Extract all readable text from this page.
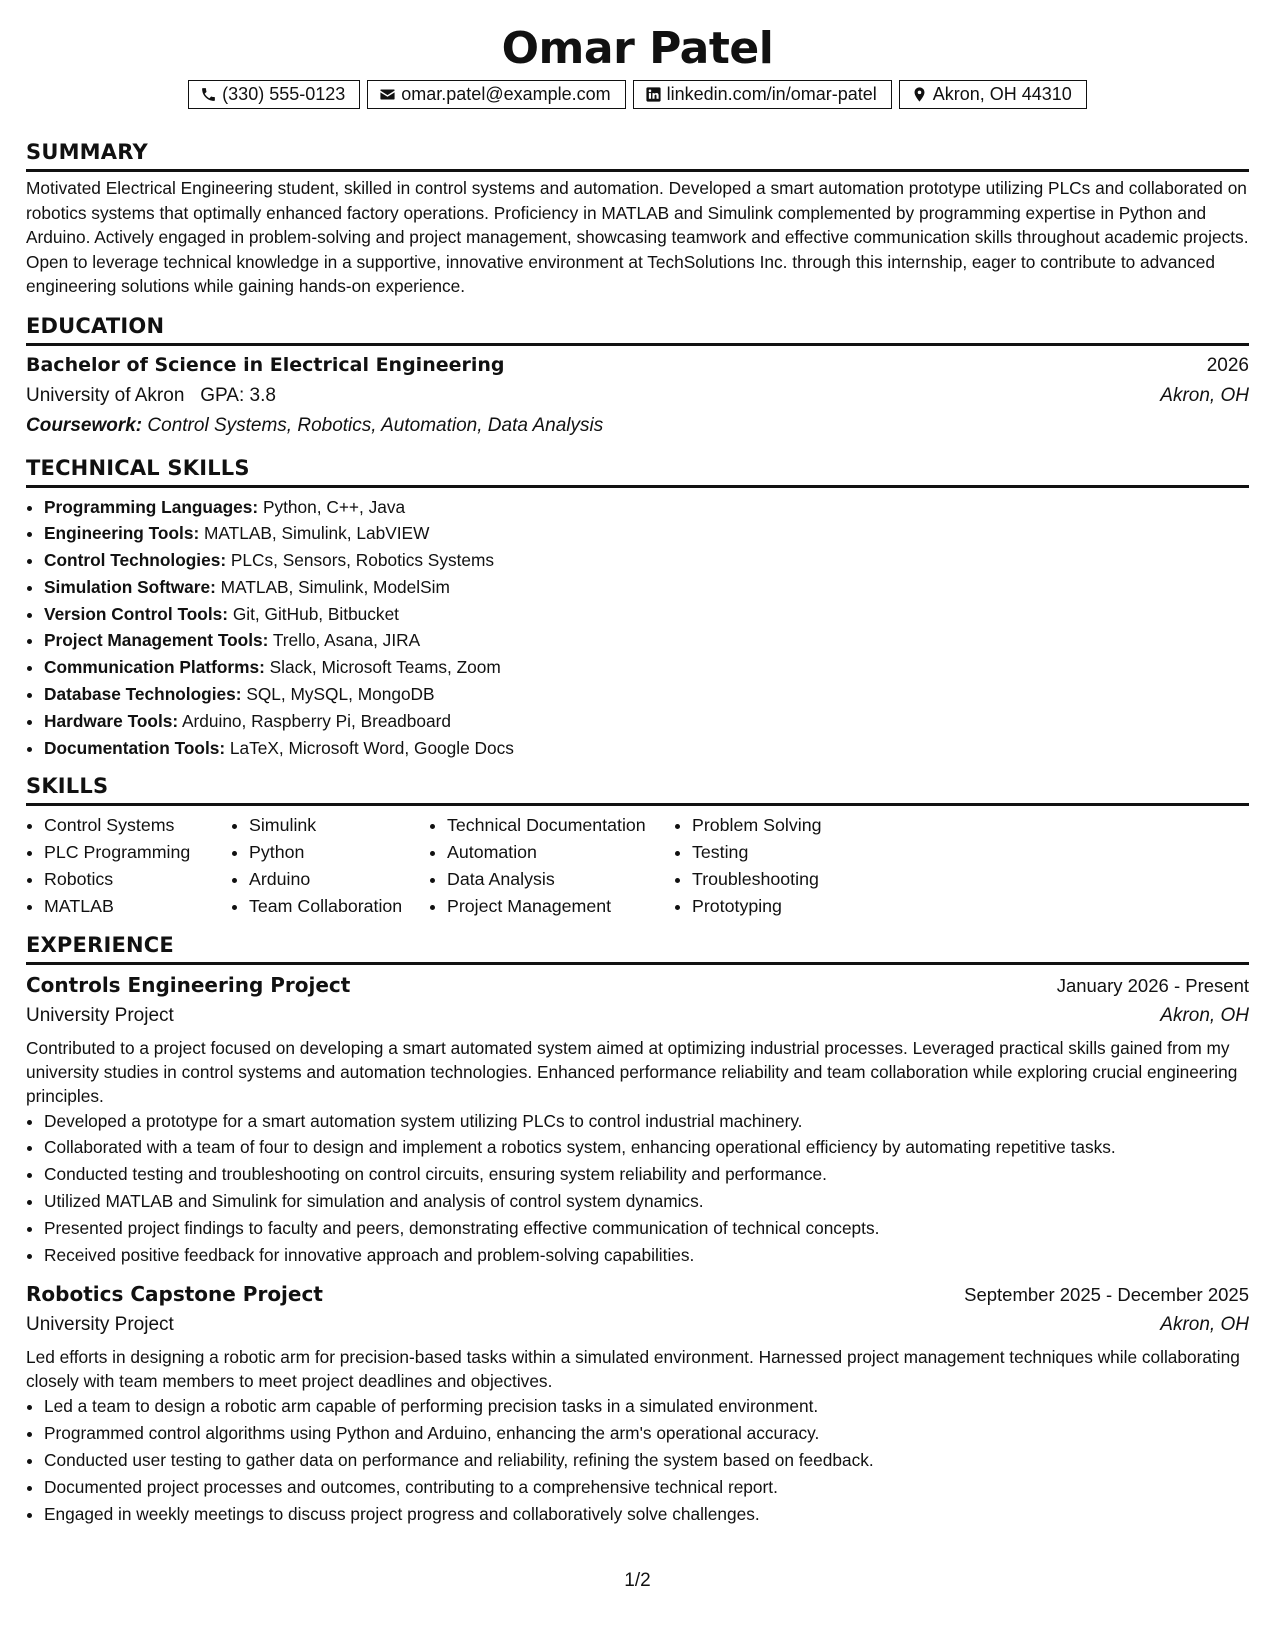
Omar Patel
(330) 555-0123	omar.patel@example.com	linkedin.com/in/omar-patel	Akron, OH 44310
SUMMARY

Motivated Electrical Engineering student, skilled in control systems and automation. Developed a smart automation prototype utilizing PLCs and collaborated on robotics systems that optimally enhanced factory operations. Proficiency in MATLAB and Simulink complemented by programming expertise in Python and Arduino. Actively engaged in problem-solving and project management, showcasing teamwork and effective communication skills throughout academic projects. Open to leverage technical knowledge in a supportive, innovative environment at TechSolutions Inc. through this internship, eager to contribute to advanced engineering solutions while gaining hands-on experience.

EDUCATION
Bachelor of Science in Electrical Engineering	2026
University of Akron GPA: 3.8	Akron, OH
Coursework: Control Systems, Robotics, Automation, Data Analysis
TECHNICAL SKILLS
• Programming Languages: Python, C++, Java
• Engineering Tools: MATLAB, Simulink, LabVIEW
• Control Technologies: PLCs, Sensors, Robotics Systems
• Simulation Software: MATLAB, Simulink, ModelSim
• Version Control Tools: Git, GitHub, Bitbucket
• Project Management Tools: Trello, Asana, JIRA
• Communication Platforms: Slack, Microsoft Teams, Zoom
• Database Technologies: SQL, MySQL, MongoDB
• Hardware Tools: Arduino, Raspberry Pi, Breadboard
• Documentation Tools: LaTeX, Microsoft Word, Google Docs
SKILLS
• Control Systems
• PLC Programming
• Robotics
• MATLAB
• Simulink
• Python
• Arduino
• Team Collaboration
• Technical Documentation
• Automation
• Data Analysis
• Project Management
• Problem Solving
• Testing
• Troubleshooting
• Prototyping
EXPERIENCE
Controls Engineering Project	January 2026 - Present
University Project	Akron, OH

Contributed to a project focused on developing a smart automated system aimed at optimizing industrial processes. Leveraged practical skills gained from my university studies in control systems and automation technologies. Enhanced performance reliability and team collaboration while exploring crucial engineering principles.

• Developed a prototype for a smart automation system utilizing PLCs to control industrial machinery.
• Collaborated with a team of four to design and implement a robotics system, enhancing operational efficiency by automating repetitive tasks.
• Conducted testing and troubleshooting on control circuits, ensuring system reliability and performance.
• Utilized MATLAB and Simulink for simulation and analysis of control system dynamics.
• Presented project findings to faculty and peers, demonstrating effective communication of technical concepts.
• Received positive feedback for innovative approach and problem-solving capabilities.
Robotics Capstone Project	September 2025 - December 2025
University Project	Akron, OH

Led efforts in designing a robotic arm for precision-based tasks within a simulated environment. Harnessed project management techniques while collaborating closely with team members to meet project deadlines and objectives.

• Led a team to design a robotic arm capable of performing precision tasks in a simulated environment.
• Programmed control algorithms using Python and Arduino, enhancing the arm's operational accuracy.
• Conducted user testing to gather data on performance and reliability, refining the system based on feedback.
• Documented project processes and outcomes, contributing to a comprehensive technical report.
• Engaged in weekly meetings to discuss project progress and collaboratively solve challenges.
1/2
